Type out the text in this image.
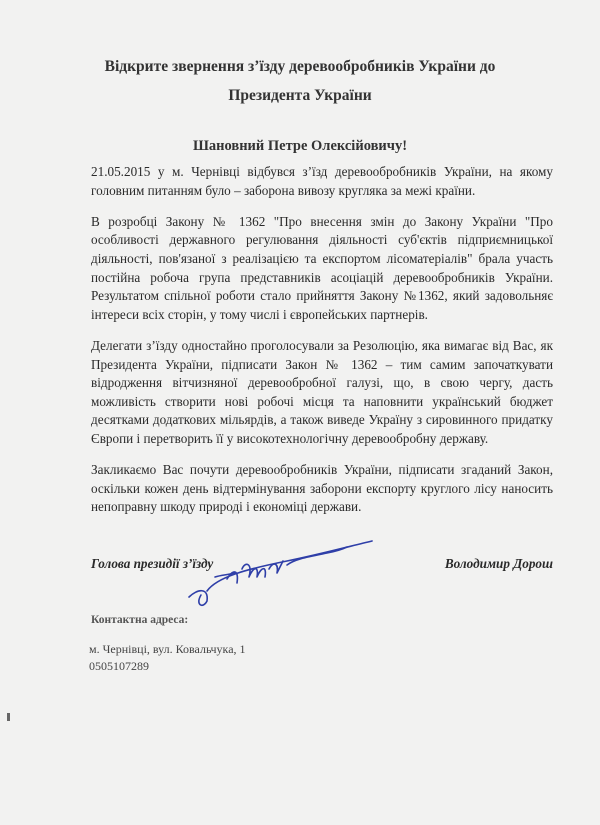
Відкрите звернення з’їзду деревообробників України до
Президента України
Шановний Петре Олексійовичу!

21.05.2015 у м. Чернівці відбувся з’їзд деревообробників України, на якому головним питанням було – заборона вивозу кругляка за межі країни.

В розробці Закону № 1362 "Про внесення змін до Закону України "Про особливості державного регулювання діяльності суб'єктів підприємницької діяльності, пов'язаної з реалізацією та експортом лісоматеріалів" брала участь постійна робоча група представників асоціацій деревообробників України. Результатом спільної роботи стало прийняття Закону №1362, який задовольняє інтереси всіх сторін, у тому числі і європейських партнерів.

Делегати з’їзду одностайно проголосували за Резолюцію, яка вимагає від Вас, як Президента України, підписати Закон № 1362 – тим самим започаткувати відродження вітчизняної деревообробної галузі, що, в свою чергу, дасть можливість створити нові робочі місця та наповнити український бюджет десятками додаткових мільярдів, а також виведе Україну з сировинного придатку Європи і перетворить її у високотехнологічну деревообробну державу.

Закликаємо Вас почути деревообробників України, підписати згаданий Закон, оскільки кожен день відтермінування заборони експорту круглого лісу наносить непоправну шкоду природі і економіці держави.

Голова президії з’їзду	Володимир Дорош
Контактна адреса:
м. Чернівці, вул. Ковальчука, 1
0505107289
